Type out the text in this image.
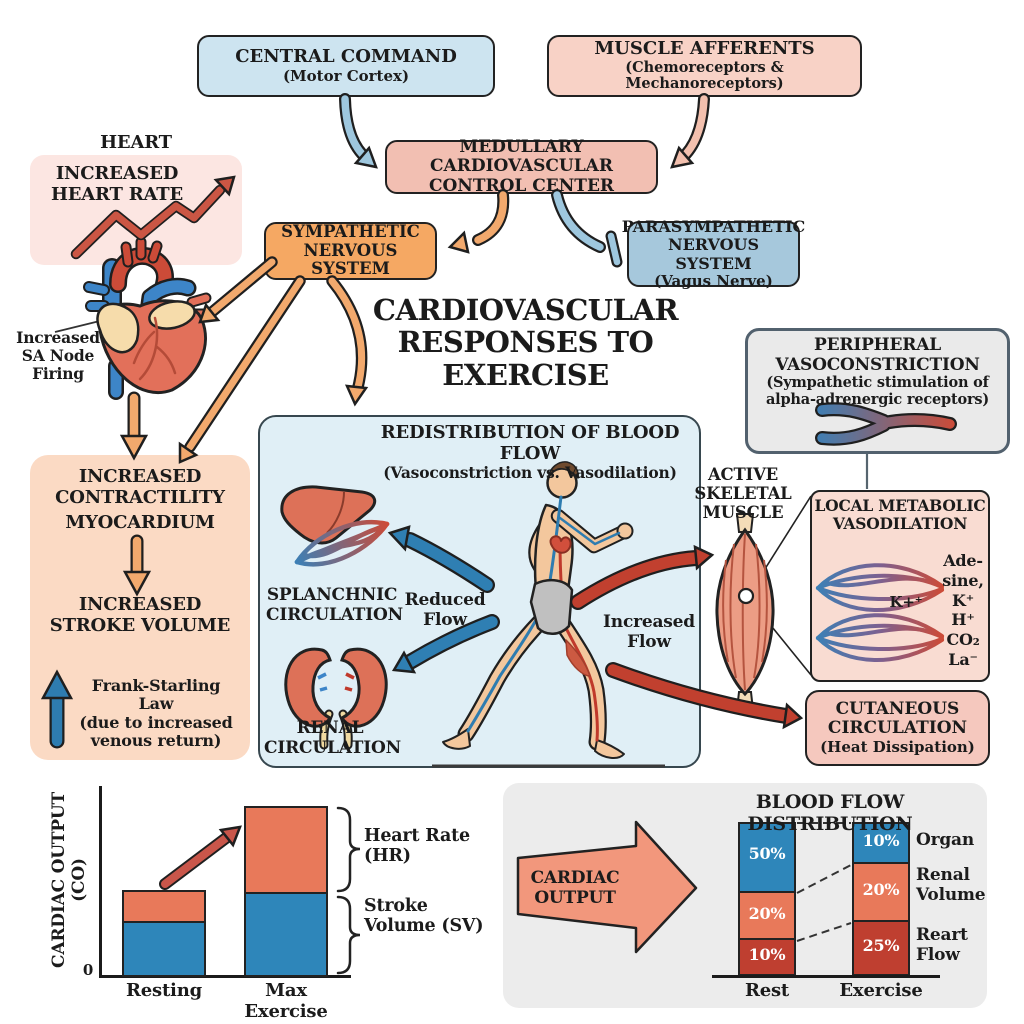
HEART
INCREASED
HEART RATE
Increased
SA Node
Firing
CENTRAL COMMAND
(Motor Cortex)
MUSCLE AFFERENTS
(Chemoreceptors & Mechanoreceptors)
MEDULLARY CARDIOVASCULAR
CONTROL CENTER
SYMPATHETIC
NERVOUS SYSTEM
PARASYMPATHETIC
NERVOUS SYSTEM
(Vagus Nerve)
CARDIOVASCULAR
RESPONSES TO
EXERCISE
INCREASED
CONTRACTILITY
MYOCARDIUM
INCREASED
STROKE VOLUME
Frank-Starling Law
(due to increased
venous return)
REDISTRIBUTION OF BLOOD FLOW
(Vasoconstriction vs. Vasodilation)
SPLANCHNIC
CIRCULATION
Reduced
Flow	Increased
Flow
RENAL
CIRCULATION
ACTIVE
SKELETAL
MUSCLE
PERIPHERAL
VASOCONSTRICTION
(Sympathetic stimulation of
alpha-adrenergic receptors)
LOCAL METABOLIC
VASODILATION
K+⁺
Ade-
sine,
K⁺
H⁺
CO₂
La⁻
CUTANEOUS
CIRCULATION
(Heat Dissipation)
CARDIAC OUTPUT (CO)
0
Resting	Max Exercise
Heart Rate
(HR)
Stroke
Volume (SV)
BLOOD FLOW DISTRIBUTION
CARDIAC
OUTPUT
50%
20%
10%
10%
20%
25%
Organ
Renal
Volume
Reart
Flow
Rest	Exercise
